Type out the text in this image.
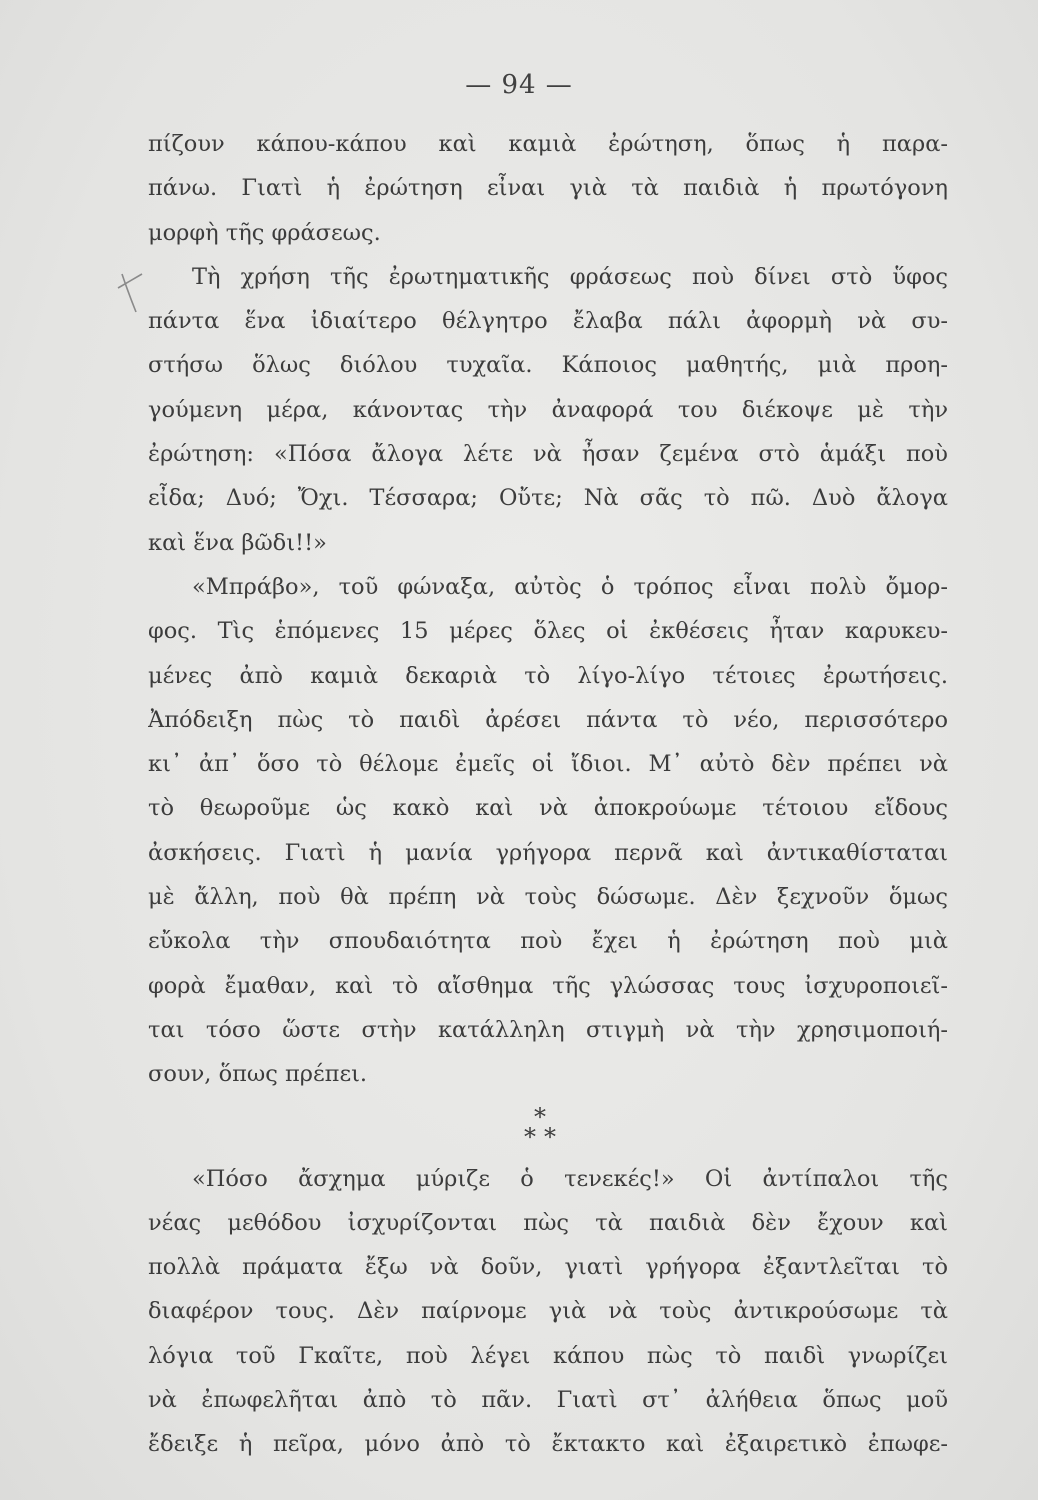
— 94 —
πίζουν κάπου-κάπου καὶ καμιὰ ἐρώτηση, ὅπως ἡ παρα-
πάνω. Γιατὶ ἡ ἐρώτηση εἶναι γιὰ τὰ παιδιὰ ἡ πρωτόγονη
μορφὴ τῆς φράσεως.
Τὴ χρήση τῆς ἐρωτηματικῆς φράσεως ποὺ δίνει στὸ ὕφος
πάντα ἕνα ἰδιαίτερο θέλγητρο ἔλαβα πάλι ἀφορμὴ νὰ συ-
στήσω ὅλως διόλου τυχαῖα. Κάποιος μαθητής, μιὰ προη-
γούμενη μέρα, κάνοντας τὴν ἀναφορά του διέκοψε μὲ τὴν
ἐρώτηση: «Πόσα ἄλογα λέτε νὰ ἦσαν ζεμένα στὸ ἁμάξι ποὺ
εἶδα; Δυό; Ὄχι. Τέσσαρα; Οὔτε; Νὰ σᾶς τὸ πῶ. Δυὸ ἄλογα
καὶ ἕνα βῶδι!!»
«Μπράβο», τοῦ φώναξα, αὐτὸς ὁ τρόπος εἶναι πολὺ ὄμορ-
φος. Τὶς ἑπόμενες 15 μέρες ὅλες οἱ ἐκθέσεις ἦταν καρυκευ-
μένες ἀπὸ καμιὰ δεκαριὰ τὸ λίγο-λίγο τέτοιες ἐρωτήσεις.
Ἀπόδειξη πὼς τὸ παιδὶ ἀρέσει πάντα τὸ νέο, περισσότερο
κι᾽ ἀπ᾽ ὅσο τὸ θέλομε ἐμεῖς οἱ ἴδιοι. Μ᾽ αὐτὸ δὲν πρέπει νὰ
τὸ θεωροῦμε ὡς κακὸ καὶ νὰ ἀποκρούωμε τέτοιου εἴδους
ἀσκήσεις. Γιατὶ ἡ μανία γρήγορα περνᾶ καὶ ἀντικαθίσταται
μὲ ἄλλη, ποὺ θὰ πρέπη νὰ τοὺς δώσωμε. Δὲν ξεχνοῦν ὅμως
εὔκολα τὴν σπουδαιότητα ποὺ ἔχει ἡ ἐρώτηση ποὺ μιὰ
φορὰ ἔμαθαν, καὶ τὸ αἴσθημα τῆς γλώσσας τους ἰσχυροποιεῖ-
ται τόσο ὥστε στὴν κατάλληλη στιγμὴ νὰ τὴν χρησιμοποιή-
σουν, ὅπως πρέπει.
*
* *
«Πόσο ἄσχημα μύριζε ὁ τενεκές!» Οἱ ἀντίπαλοι τῆς
νέας μεθόδου ἰσχυρίζονται πὼς τὰ παιδιὰ δὲν ἔχουν καὶ
πολλὰ πράματα ἔξω νὰ δοῦν, γιατὶ γρήγορα ἐξαντλεῖται τὸ
διαφέρον τους. Δὲν παίρνομε γιὰ νὰ τοὺς ἀντικρούσωμε τὰ
λόγια τοῦ Γκαῖτε, ποὺ λέγει κάπου πὼς τὸ παιδὶ γνωρίζει
νὰ ἐπωφελῆται ἀπὸ τὸ πᾶν. Γιατὶ στ᾽ ἀλήθεια ὅπως μοῦ
ἔδειξε ἡ πεῖρα, μόνο ἀπὸ τὸ ἔκτακτο καὶ ἐξαιρετικὸ ἐπωφε-
